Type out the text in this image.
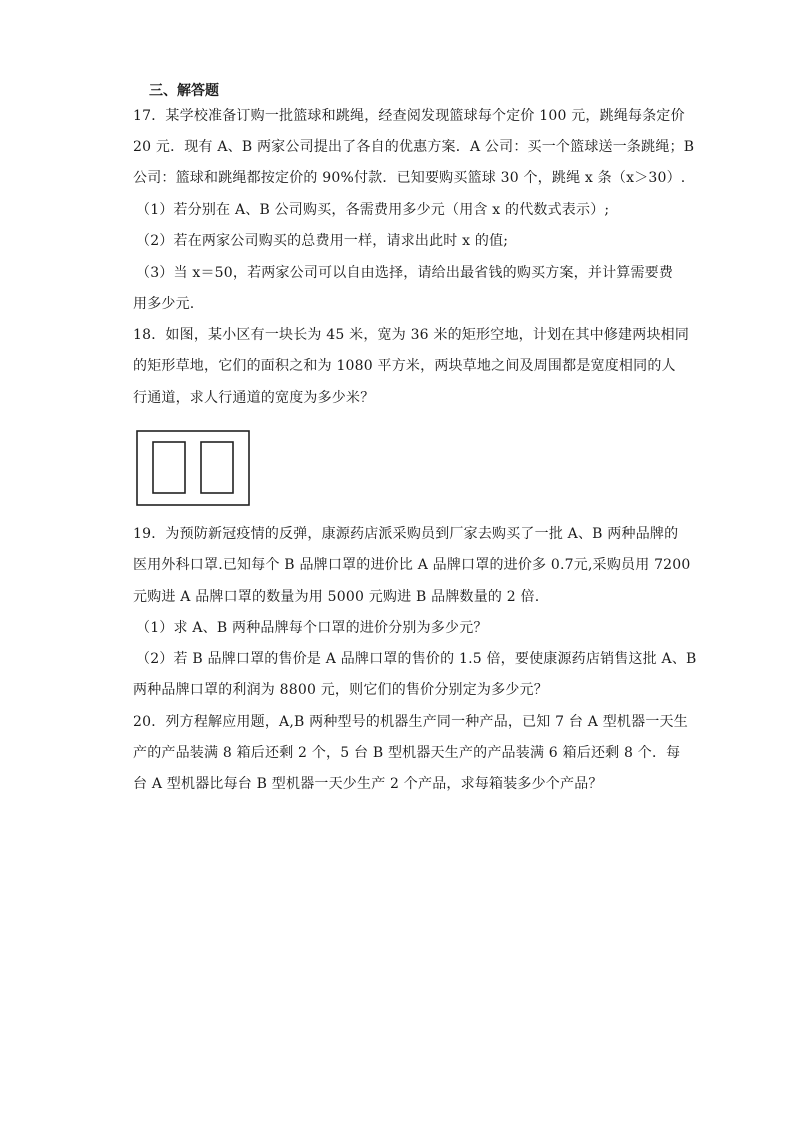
三、解答题
17．某学校准备订购一批篮球和跳绳，经查阅发现篮球每个定价 100 元，跳绳每条定价
20 元．现有 A、B 两家公司提出了各自的优惠方案．A 公司：买一个篮球送一条跳绳；B
公司：篮球和跳绳都按定价的 90%付款．已知要购买篮球 30 个，跳绳 x 条（x＞30）.
（1）若分别在 A、B 公司购买，各需费用多少元（用含 x 的代数式表示）;
（2）若在两家公司购买的总费用一样，请求出此时 x 的值;
（3）当 x＝50，若两家公司可以自由选择，请给出最省钱的购买方案，并计算需要费
用多少元.
18．如图，某小区有一块长为 45 米，宽为 36 米的矩形空地，计划在其中修建两块相同
的矩形草地，它们的面积之和为 1080 平方米，两块草地之间及周围都是宽度相同的人
行通道，求人行通道的宽度为多少米？
19．为预防新冠疫情的反弹，康源药店派采购员到厂家去购买了一批 A、B 两种品牌的
医用外科口罩.已知每个 B 品牌口罩的进价比 A 品牌口罩的进价多 0.7元,采购员用 7200
元购进 A 品牌口罩的数量为用 5000 元购进 B 品牌数量的 2 倍.
（1）求 A、B 两种品牌每个口罩的进价分别为多少元？
（2）若 B 品牌口罩的售价是 A 品牌口罩的售价的 1.5 倍，要使康源药店销售这批 A、B
两种品牌口罩的利润为 8800 元，则它们的售价分别定为多少元？
20．列方程解应用题，A,B 两种型号的机器生产同一种产品，已知 7 台 A 型机器一天生
产的产品装满 8 箱后还剩 2 个，5 台 B 型机器天生产的产品装满 6 箱后还剩 8 个．每
台 A 型机器比每台 B 型机器一天少生产 2 个产品，求每箱装多少个产品？
